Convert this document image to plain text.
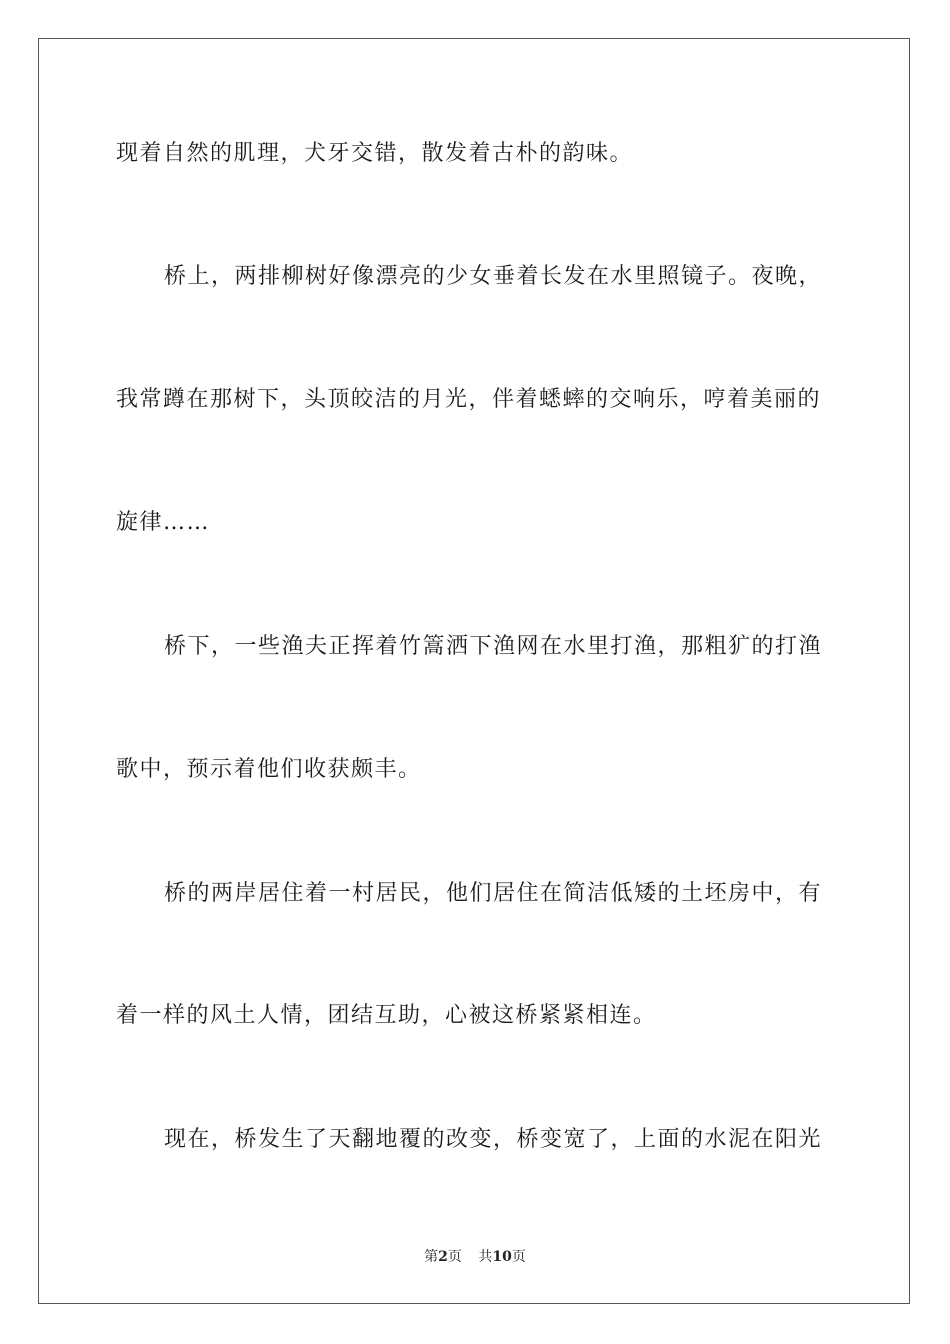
现着自然的肌理，犬牙交错，散发着古朴的韵味。
桥上，两排柳树好像漂亮的少女垂着长发在水里照镜子。夜晚，
我常蹲在那树下，头顶皎洁的月光，伴着蟋蟀的交响乐，哼着美丽的
旋律……
桥下，一些渔夫正挥着竹篙洒下渔网在水里打渔，那粗犷的打渔
歌中，预示着他们收获颇丰。
桥的两岸居住着一村居民，他们居住在简洁低矮的土坯房中，有
着一样的风土人情，团结互助，心被这桥紧紧相连。
现在，桥发生了天翻地覆的改变，桥变宽了，上面的水泥在阳光
第2页 共10页
